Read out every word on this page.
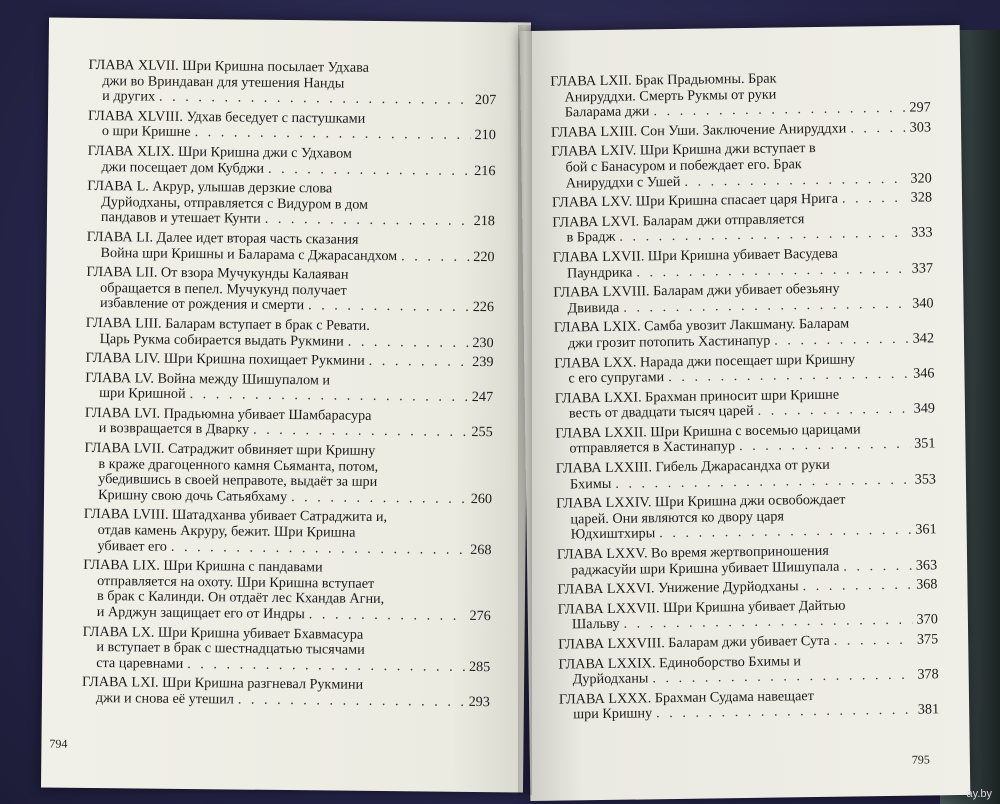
ГЛАВА XLVII. Шри Кришна посылает Удхава
джи во Вриндаван для утешения Нанды
и других . . .	207
ГЛАВА XLVIII. Удхав беседует с пастушками
о шри Кришне . . .	210
ГЛАВА XLIX. Шри Кришна джи с Удхавом
джи посещает дом Кубджи . . .	216
ГЛАВА L. Акрур, улышав дерзкие слова
Дурйодханы, отправляется с Видуром в дом
пандавов и утешает Кунти . . .	218
ГЛАВА LI. Далее идет вторая часть сказания
Война шри Кришны и Баларама с Джарасандхом . . .	220
ГЛАВА LII. От взора Мучукунды Калаяван
обращается в пепел. Мучукунд получает
избавление от рождения и смерти . . .	226
ГЛАВА LIII. Баларам вступает в брак с Ревати.
Царь Рукма собирается выдать Рукмини . . .	230
ГЛАВА LIV. Шри Кришна похищает Рукмини . . .	239
ГЛАВА LV. Война между Шишупалом и
шри Кришной . . .	247
ГЛАВА LVI. Прадьюмна убивает Шамбарасура
и возвращается в Дварку . . .	255
ГЛАВА LVII. Сатраджит обвиняет шри Кришну
в краже драгоценного камня Сьяманта, потом,
убедившись в своей неправоте, выдаёт за шри
Кришну свою дочь Сатьябхаму . . .	260
ГЛАВА LVIII. Шатадханва убивает Сатраджита и,
отдав камень Акруру, бежит. Шри Кришна
убивает его . . .	268
ГЛАВА LIX. Шри Кришна с пандавами
отправляется на охоту. Шри Кришна вступает
в брак с Калинди. Он отдаёт лес Кхандав Агни,
и Арджун защищает его от Индры . . .	276
ГЛАВА LX. Шри Кришна убивает Бхавмасура
и вступает в брак с шестнадцатью тысячами
ста царевнами . . .	285
ГЛАВА LXI. Шри Кришна разгневал Рукмини
джи и снова её утешил . . .	293
794
ГЛАВА LXII. Брак Прадьюмны. Брак
Анируддхи. Смерть Рукмы от руки
Баларама джи . . .	297
ГЛАВА LXIII. Сон Уши. Заключение Анируддхи . . .	303
ГЛАВА LXIV. Шри Кришна джи вступает в
бой с Банасуром и побеждает его. Брак
Анируддхи с Ушей . . .	320
ГЛАВА LXV. Шри Кришна спасает царя Нрига . . .	328
ГЛАВА LXVI. Баларам джи отправляется
в Брадж . . .	333
ГЛАВА LXVII. Шри Кришна убивает Васудева
Паундрика . . .	337
ГЛАВА LXVIII. Баларам джи убивает обезьяну
Двивида . . .	340
ГЛАВА LXIX. Самба увозит Лакшману. Баларам
джи грозит потопить Хастинапур . . .	342
ГЛАВА LXX. Нарада джи посещает шри Кришну
с его супругами . . .	346
ГЛАВА LXXI. Брахман приносит шри Кришне
весть от двадцати тысяч царей . . .	349
ГЛАВА LXXII. Шри Кришна с восемью царицами
отправляется в Хастинапур . . .	351
ГЛАВА LXXIII. Гибель Джарасандха от руки
Бхимы . . .	353
ГЛАВА LXXIV. Шри Кришна джи освобождает
царей. Они являются ко двору царя
Юдхиштхиры . . .	361
ГЛАВА LXXV. Во время жертвоприношения
раджасуйи шри Кришна убивает Шишупала . . .	363
ГЛАВА LXXVI. Унижение Дурйодханы . . .	368
ГЛАВА LXXVII. Шри Кришна убивает Дайтью
Шальву . . .	370
ГЛАВА LXXVIII. Баларам джи убивает Сута . . .	375
ГЛАВА LXXIX. Единоборство Бхимы и
Дурйодханы . . .	378
ГЛАВА LXXX. Брахман Судама навещает
шри Кришну . . .	381
795
ay.by
